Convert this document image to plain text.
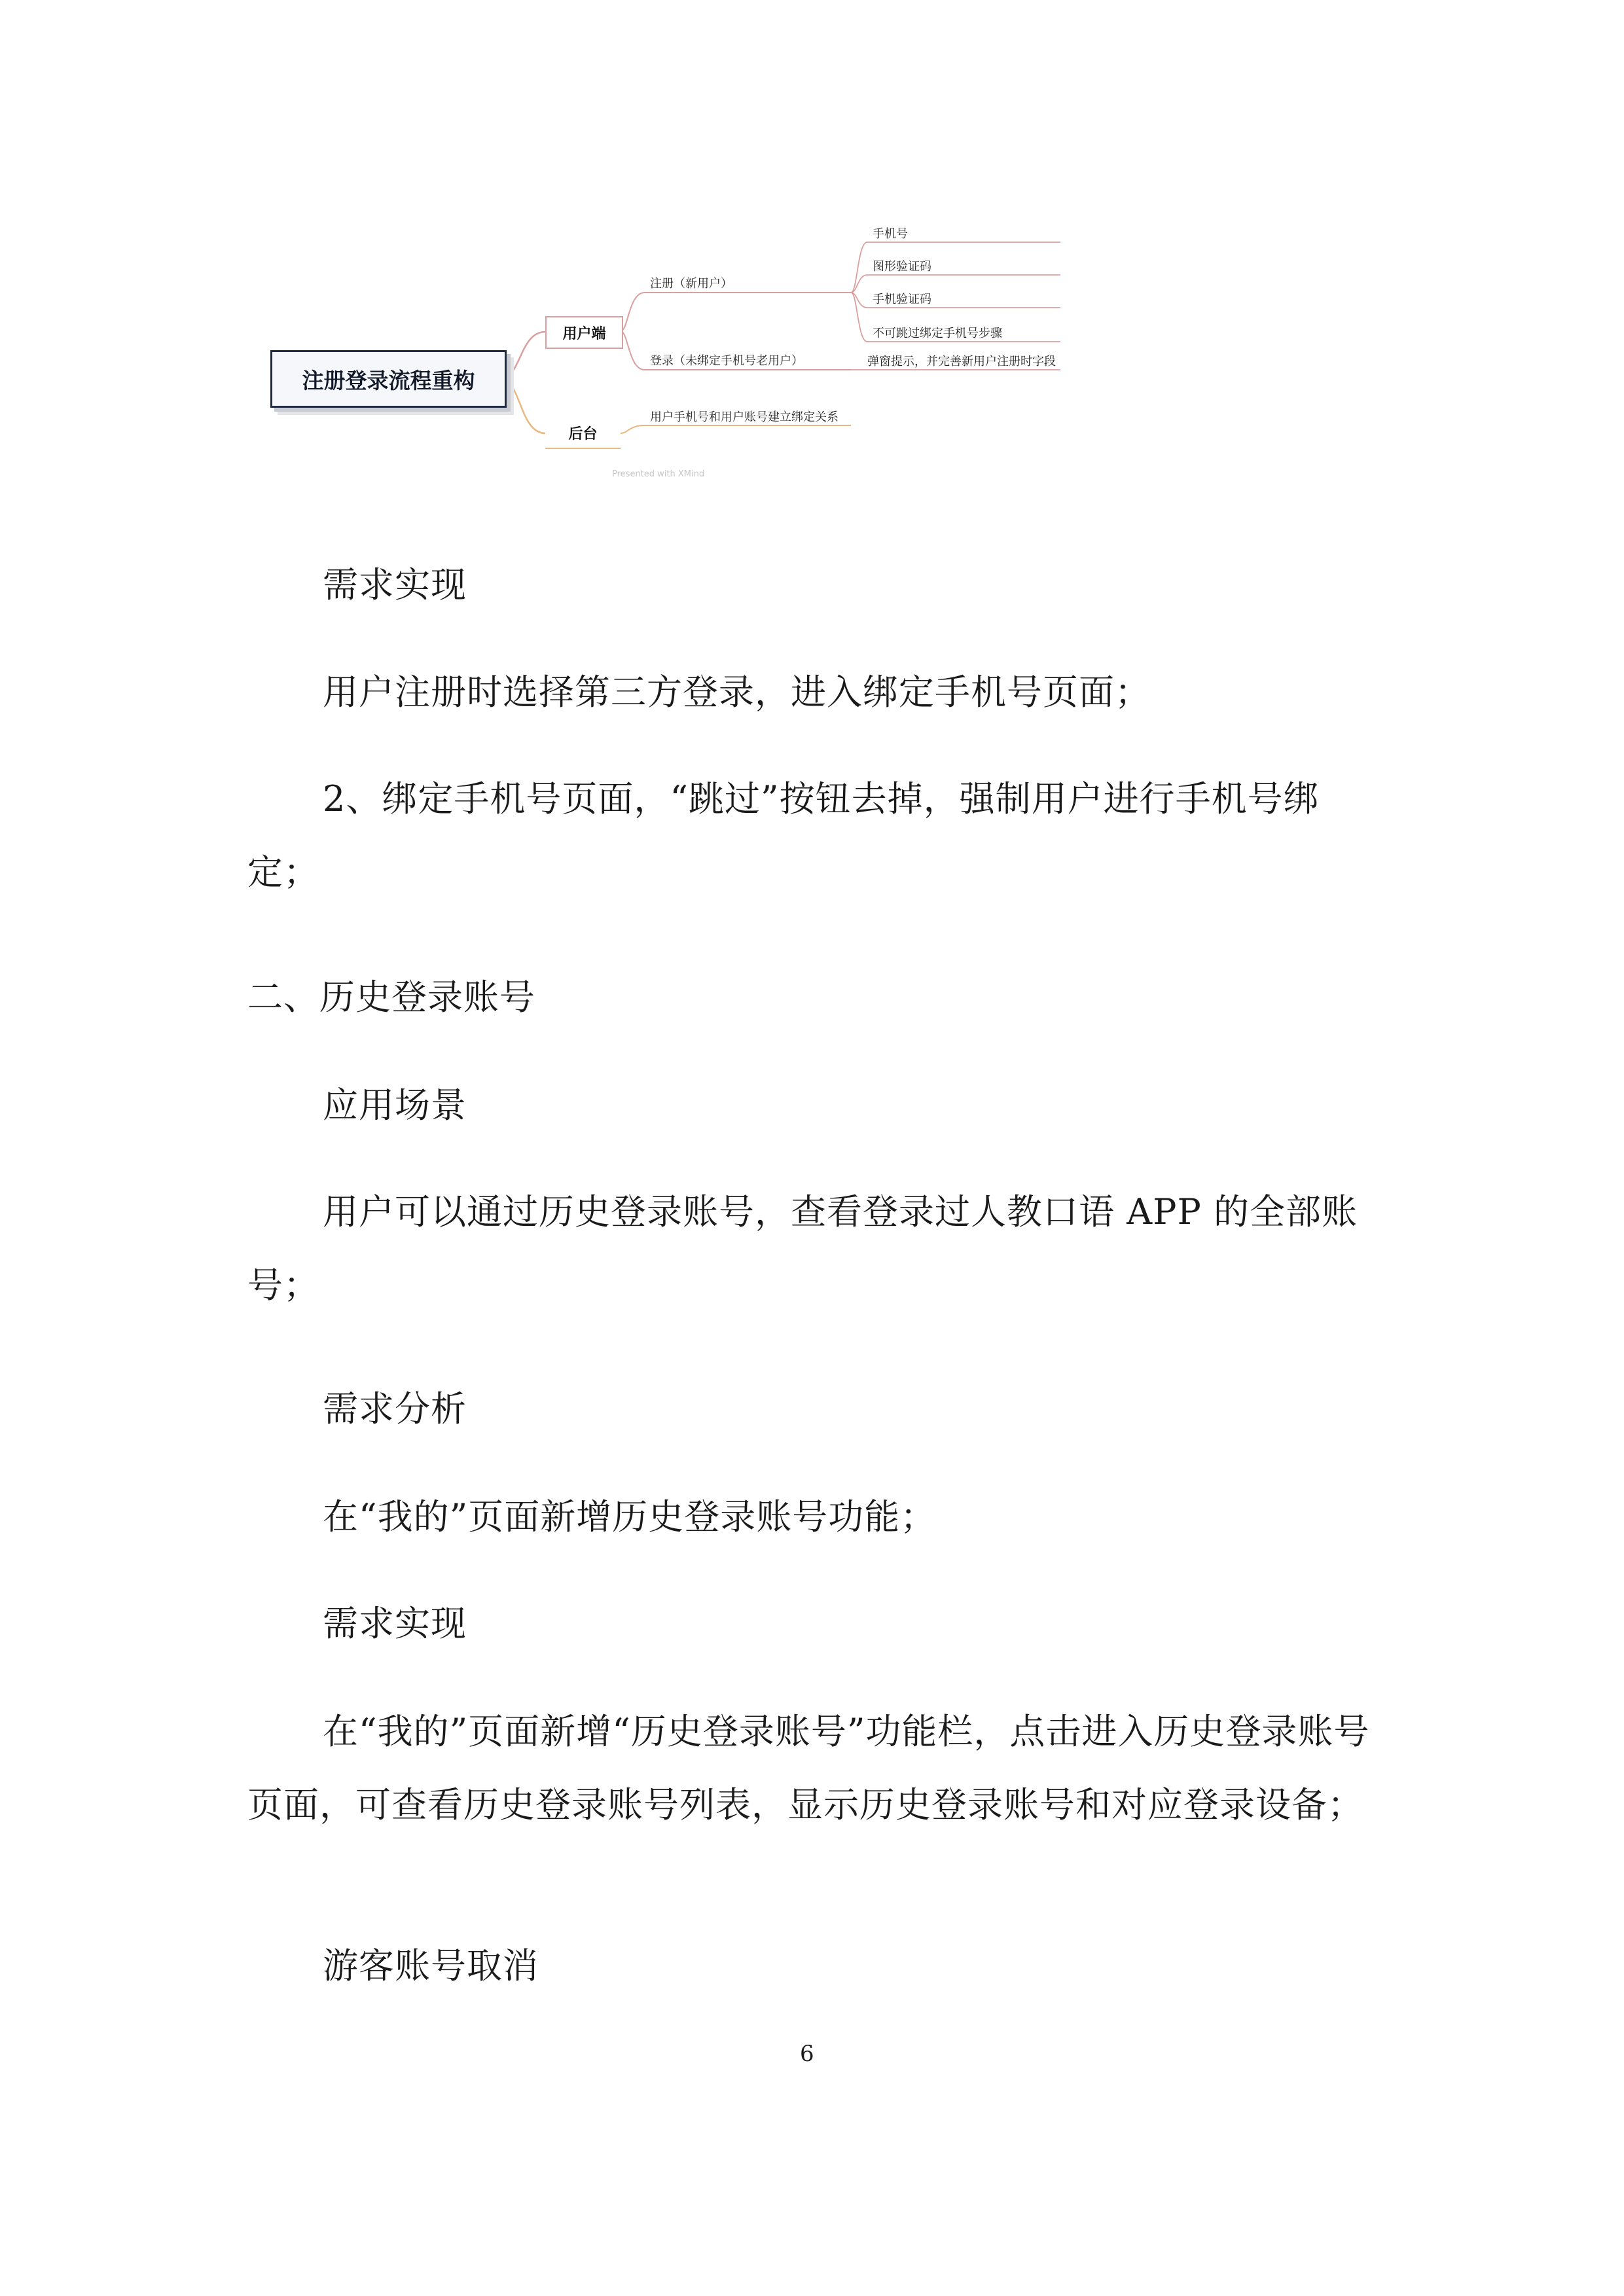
注册登录流程重构
用户端
后台
注册（新用户）
登录（未绑定手机号老用户）
手机号
图形验证码
手机验证码
不可跳过绑定手机号步骤
弹窗提示，并完善新用户注册时字段
用户手机号和用户账号建立绑定关系
Presented with XMind

需求实现

用户注册时选择第三方登录，进入绑定手机号页面；

2、绑定手机号页面，“跳过”按钮去掉，强制用户进行手机号绑定；

二、历史登录账号

应用场景

用户可以通过历史登录账号，查看登录过人教口语 APP 的全部账号；

需求分析

在“我的”页面新增历史登录账号功能；

需求实现

在“我的”页面新增“历史登录账号”功能栏，点击进入历史登录账号页面，可查看历史登录账号列表，显示历史登录账号和对应登录设备；

游客账号取消

6
